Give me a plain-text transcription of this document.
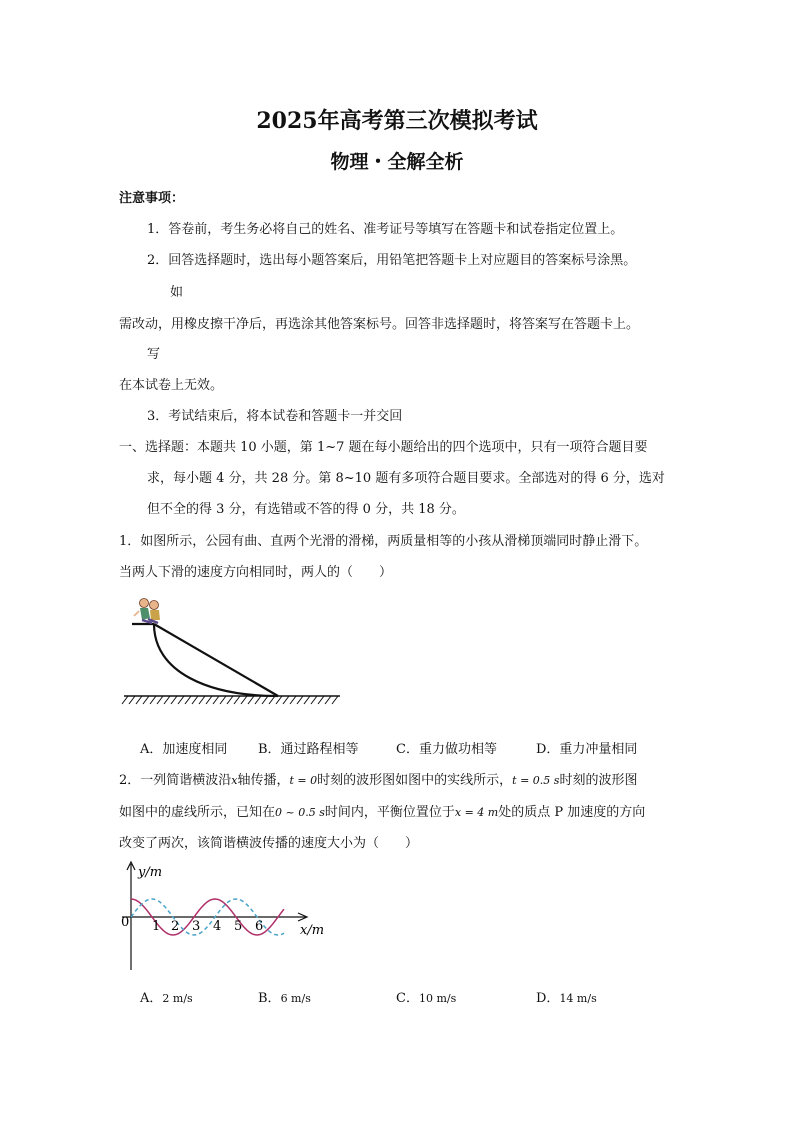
2025年高考第三次模拟考试
物理・全解全析
注意事项：
1．答卷前，考生务必将自己的姓名、准考证号等填写在答题卡和试卷指定位置上。
2．回答选择题时，选出每小题答案后，用铅笔把答题卡上对应题目的答案标号涂黑。
如
需改动，用橡皮擦干净后，再选涂其他答案标号。回答非选择题时，将答案写在答题卡上。
写
在本试卷上无效。
3．考试结束后，将本试卷和答题卡一并交回
一、选择题：本题共 10 小题，第 1~7 题在每小题给出的四个选项中，只有一项符合题目要
求，每小题 4 分，共 28 分。第 8~10 题有多项符合题目要求。全部选对的得 6 分，选对
但不全的得 3 分，有选错或不答的得 0 分，共 18 分。
1．如图所示，公园有曲、直两个光滑的滑梯，两质量相等的小孩从滑梯顶端同时静止滑下。
当两人下滑的速度方向相同时，两人的（　　）
A．加速度相同 B．通过路程相等	C．重力做功相等	D．重力冲量相同
2．一列简谐横波沿x轴传播，t = 0时刻的波形图如图中的实线所示，t = 0.5 s时刻的波形图
如图中的虚线所示，已知在0 ~ 0.5 s时间内，平衡位置位于x = 4 m处的质点 P 加速度的方向
改变了两次，该简谐横波传播的速度大小为（　　）
y/m
x/m
0 1 2 3 4 5 6
A．2 m/s	B．6 m/s	C．10 m/s	D．14 m/s
